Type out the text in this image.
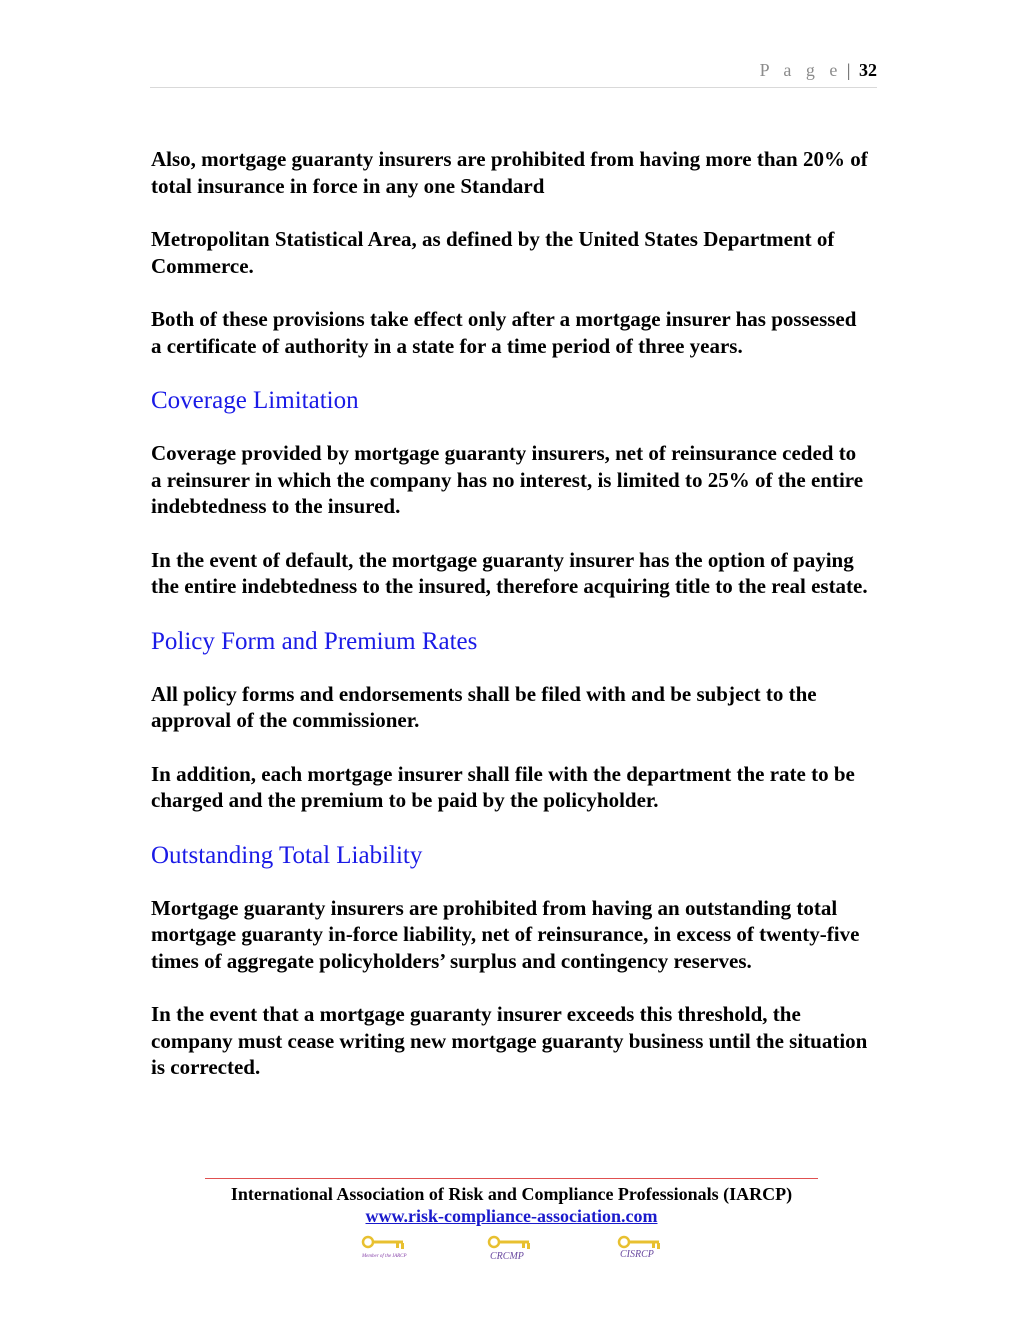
P a g e | 32

Also, mortgage guaranty insurers are prohibited from having more than 20% of total insurance in force in any one Standard

Metropolitan Statistical Area, as defined by the United States Department of Commerce.

Both of these provisions take effect only after a mortgage insurer has possessed a certificate of authority in a state for a time period of three years.

Coverage Limitation

Coverage provided by mortgage guaranty insurers, net of reinsurance ceded to a reinsurer in which the company has no interest, is limited to 25% of the entire indebtedness to the insured.

In the event of default, the mortgage guaranty insurer has the option of paying the entire indebtedness to the insured, therefore acquiring title to the real estate.

Policy Form and Premium Rates

All policy forms and endorsements shall be filed with and be subject to the approval of the commissioner.

In addition, each mortgage insurer shall file with the department the rate to be charged and the premium to be paid by the policyholder.

Outstanding Total Liability

Mortgage guaranty insurers are prohibited from having an outstanding total mortgage guaranty in-force liability, net of reinsurance, in excess of twenty-five times of aggregate policyholders’ surplus and contingency reserves.

In the event that a mortgage guaranty insurer exceeds this threshold, the company must cease writing new mortgage guaranty business until the situation is corrected.

International Association of Risk and Compliance Professionals (IARCP)
www.risk-compliance-association.com
Member of the IARCP	CRCMP	CISRCP
